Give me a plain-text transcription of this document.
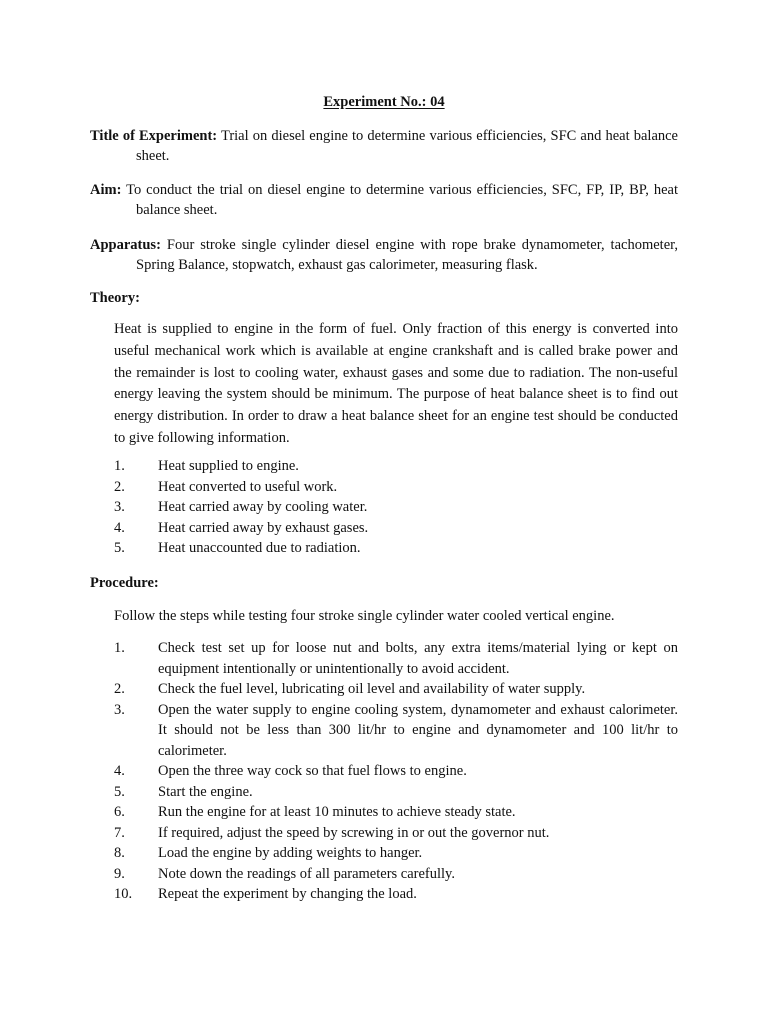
Experiment No.: 04
Title of Experiment: Trial on diesel engine to determine various efficiencies, SFC and heat balance sheet.
Aim: To conduct the trial on diesel engine to determine various efficiencies, SFC, FP, IP, BP, heat balance sheet.
Apparatus: Four stroke single cylinder diesel engine with rope brake dynamometer, tachometer, Spring Balance, stopwatch, exhaust gas calorimeter, measuring flask.
Theory:
Heat is supplied to engine in the form of fuel. Only fraction of this energy is converted into useful mechanical work which is available at engine crankshaft and is called brake power and the remainder is lost to cooling water, exhaust gases and some due to radiation. The non-useful energy leaving the system should be minimum. The purpose of heat balance sheet is to find out energy distribution. In order to draw a heat balance sheet for an engine test should be conducted to give following information.
1.	Heat supplied to engine.
2.	Heat converted to useful work.
3.	Heat carried away by cooling water.
4.	Heat carried away by exhaust gases.
5.	Heat unaccounted due to radiation.
Procedure:
Follow the steps while testing four stroke single cylinder water cooled vertical engine.
1.	Check test set up for loose nut and bolts, any extra items/material lying or kept on equipment intentionally or unintentionally to avoid accident.
2.	Check the fuel level, lubricating oil level and availability of water supply.
3.	Open the water supply to engine cooling system, dynamometer and exhaust calorimeter. It should not be less than 300 lit/hr to engine and dynamometer and 100 lit/hr to calorimeter.
4.	Open the three way cock so that fuel flows to engine.
5.	Start the engine.
6.	Run the engine for at least 10 minutes to achieve steady state.
7.	If required, adjust the speed by screwing in or out the governor nut.
8.	Load the engine by adding weights to hanger.
9.	Note down the readings of all parameters carefully.
10.	Repeat the experiment by changing the load.
